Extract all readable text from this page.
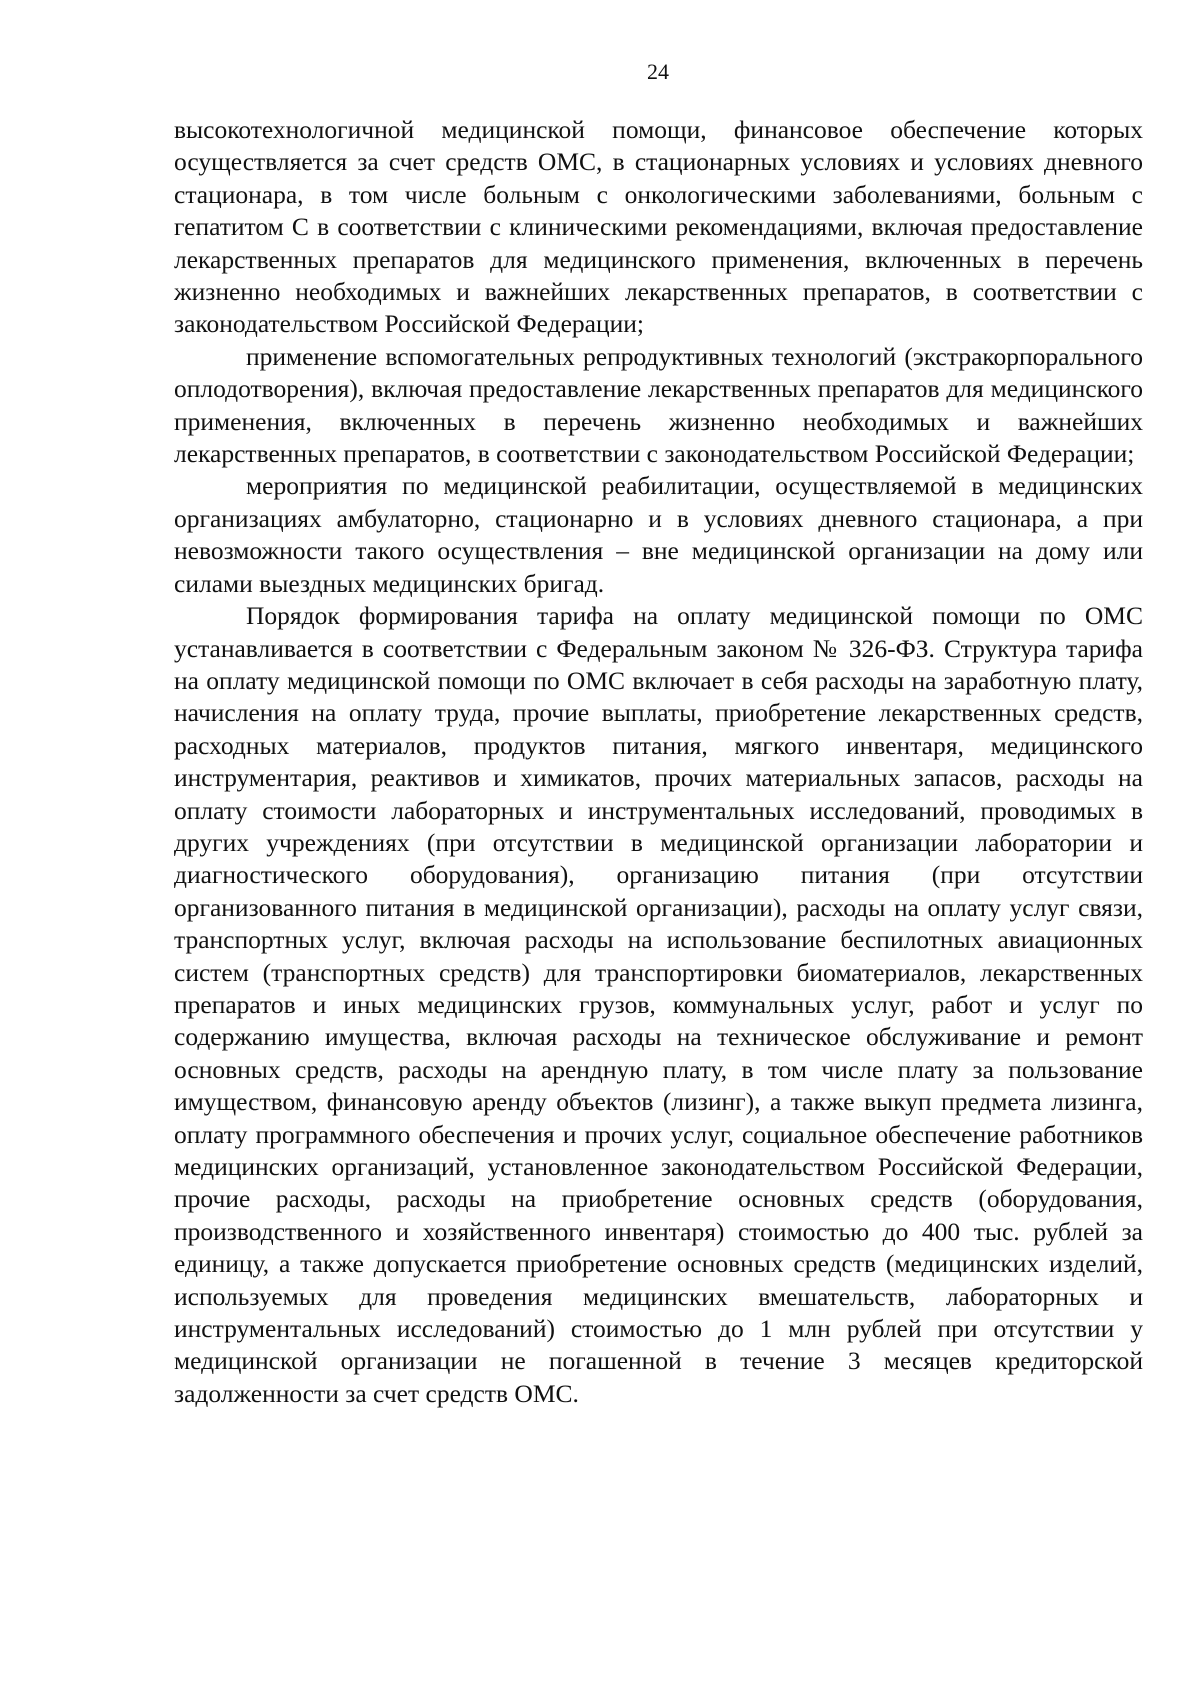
24

высокотехнологичной медицинской помощи, финансовое обеспечение которых осуществляется за счет средств ОМС, в стационарных условиях и условиях дневного стационара, в том числе больным с онкологическими заболеваниями, больным с гепатитом С в соответствии с клиническими рекомендациями, включая предоставление лекарственных препаратов для медицинского применения, включенных в перечень жизненно необходимых и важнейших лекарственных препаратов, в соответствии с законодательством Российской Федерации;

применение вспомогательных репродуктивных технологий (экстракорпорального оплодотворения), включая предоставление лекарственных препаратов для медицинского применения, включенных в перечень жизненно необходимых и важнейших лекарственных препаратов, в соответствии с законодательством Российской Федерации;

мероприятия по медицинской реабилитации, осуществляемой в медицинских организациях амбулаторно, стационарно и в условиях дневного стационара, а при невозможности такого осуществления – вне медицинской организации на дому или силами выездных медицинских бригад.

Порядок формирования тарифа на оплату медицинской помощи по ОМС устанавливается в соответствии с Федеральным законом № 326-ФЗ. Структура тарифа на оплату медицинской помощи по ОМС включает в себя расходы на заработную плату, начисления на оплату труда, прочие выплаты, приобретение лекарственных средств, расходных материалов, продуктов питания, мягкого инвентаря, медицинского инструментария, реактивов и химикатов, прочих материальных запасов, расходы на оплату стоимости лабораторных и инструментальных исследований, проводимых в других учреждениях (при отсутствии в медицинской организации лаборатории и диагностического оборудования), организацию питания (при отсутствии организованного питания в медицинской организации), расходы на оплату услуг связи, транспортных услуг, включая расходы на использование беспилотных авиационных систем (транспортных средств) для транспортировки биоматериалов, лекарственных препаратов и иных медицинских грузов, коммунальных услуг, работ и услуг по содержанию имущества, включая расходы на техническое обслуживание и ремонт основных средств, расходы на арендную плату, в том числе плату за пользование имуществом, финансовую аренду объектов (лизинг), а также выкуп предмета лизинга, оплату программного обеспечения и прочих услуг, социальное обеспечение работников медицинских организаций, установленное законодательством Российской Федерации, прочие расходы, расходы на приобретение основных средств (оборудования, производственного и хозяйственного инвентаря) стоимостью до 400 тыс. рублей за единицу, а также допускается приобретение основных средств (медицинских изделий, используемых для проведения медицинских вмешательств, лабораторных и инструментальных исследований) стоимостью до 1 млн рублей при отсутствии у медицинской организации не погашенной в течение 3 месяцев кредиторской задолженности за счет средств ОМС.
